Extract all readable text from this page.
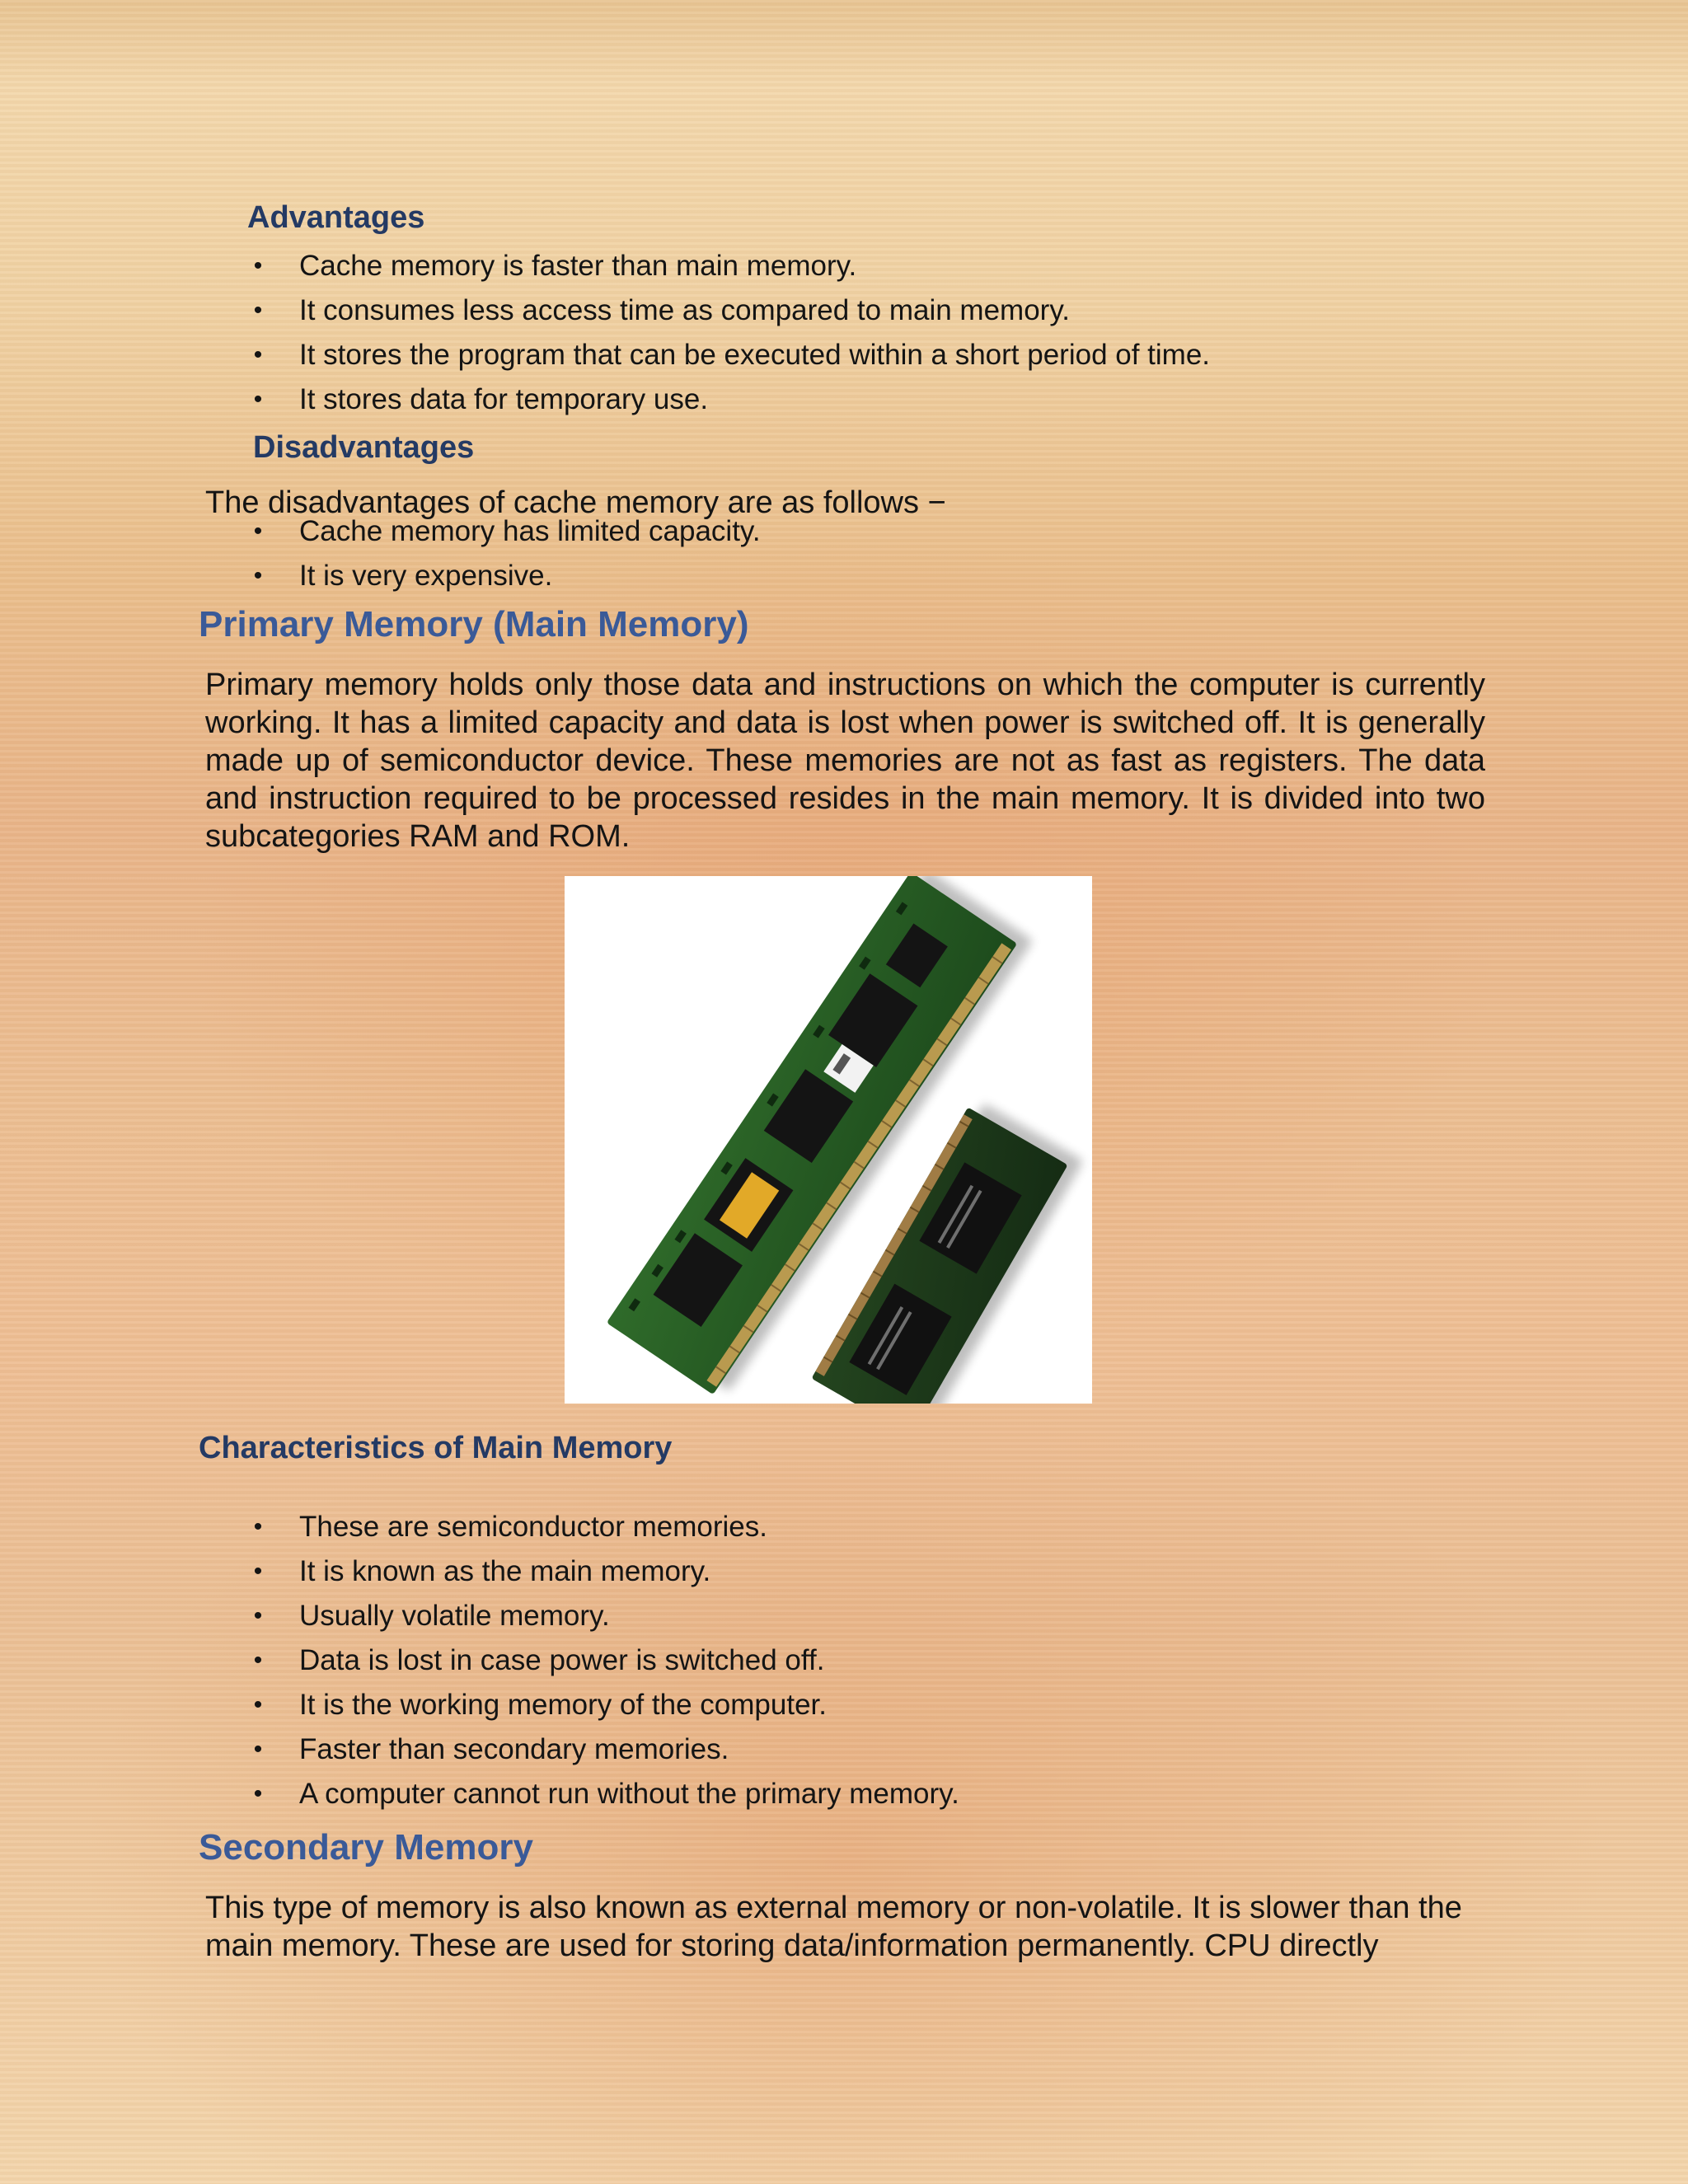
Advantages
• Cache memory is faster than main memory.
• It consumes less access time as compared to main memory.
• It stores the program that can be executed within a short period of time.
• It stores data for temporary use.
Disadvantages

The disadvantages of cache memory are as follows −

• Cache memory has limited capacity.
• It is very expensive.
Primary Memory (Main Memory)

Primary memory holds only those data and instructions on which the computer is currently working. It has a limited capacity and data is lost when power is switched off. It is generally made up of semiconductor device. These memories are not as fast as registers. The data and instruction required to be processed resides in the main memory. It is divided into two subcategories RAM and ROM.

Characteristics of Main Memory
• These are semiconductor memories.
• It is known as the main memory.
• Usually volatile memory.
• Data is lost in case power is switched off.
• It is the working memory of the computer.
• Faster than secondary memories.
• A computer cannot run without the primary memory.
Secondary Memory

This type of memory is also known as external memory or non-volatile. It is slower than the main memory. These are used for storing data/information permanently. CPU directly
